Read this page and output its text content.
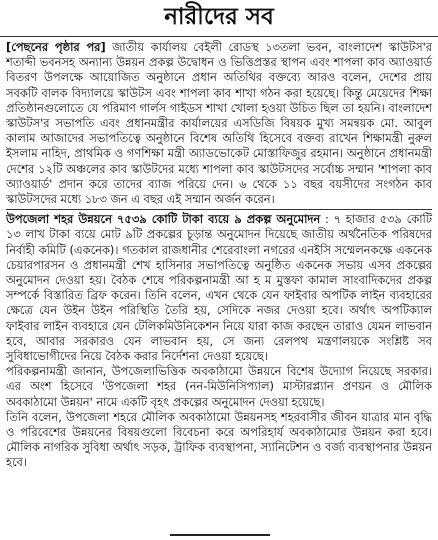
নারীদের সব

[পেছনের পৃষ্ঠার পর] জাতীয় কার্যালয় বেইলী রোডস্থ ১৩তলা ভবন, বাংলাদেশ স্কাউটস'র শতাব্দী ভবনসহ অন্যান্য উন্নয়ন প্রকল্প উদ্বোধন ও ভিত্তিপ্রস্তর স্থাপন এবং শাপলা কাব অ্যাওয়ার্ড বিতরণ উপলক্ষে আয়োজিত অনুষ্ঠানে প্রধান অতিথির বক্তব্যে আরও বলেন, দেশের প্রায় সবকটি বালক বিদ্যালয়ে স্কাউটস এবং শাপলা কাব শাখা গঠন করা হয়েছে। কিন্তু মেয়েদের শিক্ষা প্রতিষ্ঠানগুলোতে যে পরিমাণ গার্লস গাইডস শাখা খোলা হওয়া উচিত ছিল তা হয়নি। বাংলাদেশ স্কাউটস'র সভাপতি এবং প্রধানমন্ত্রীর কার্যালয়ের এসডিজি বিষয়ক মুখ্য সমন্বয়ক মো. আবুল কালাম আজাদের সভাপতিত্বে অনুষ্ঠানে বিশেষ অতিথি হিসেবে বক্তব্য রাখেন শিক্ষামন্ত্রী নুরুল ইসলাম নাহিদ, প্রাথমিক ও গণশিক্ষা মন্ত্রী অ্যাডভোকেট মোস্তাফিজুর রহমান। অনুষ্ঠানে প্রধানমন্ত্রী দেশের ১২টি অঞ্চলের কাব স্কাউটদের মধ্যে শাপলা কাব স্কাউটসদের সর্বোচ্চ সম্মান 'শাপলা কাব অ্যাওয়ার্ড' প্রদান করে তাদের ব্যাজ পরিয়ে দেন। ৬ থেকে ১১ বছর বয়সীদের সংগঠন কাব স্কাউটসদের মধ্যে ১৮৩ জন এ বছর এই সম্মান অর্জন করেন।

উপজেলা শহর উন্নয়নে ৭৫৩৯ কোটি টাকা ব্যয়ে ৯ প্রকল্প অনুমোদন : ৭ হাজার ৫৩৯ কোটি ১৩ লাখ টাকা ব্যয়ে মোট ৯টি প্রকল্পের চূড়ান্ত অনুমোদন দিয়েছে জাতীয় অর্থনৈতিক পরিষদের নির্বাহী কমিটি (একনেক)। গতকাল রাজধানীর শেরেবাংলা নগরের এনইসি সম্মেলনকক্ষে একনেক চেয়ারপারসন ও প্রধানমন্ত্রী শেখ হাসিনার সভাপতিত্বে অনুষ্ঠিত একনেক সভায় এসব প্রকল্পের অনুমোদন দেওয়া হয়। বৈঠক শেষে পরিকল্পনামন্ত্রী আ হ ম মুস্তফা কামাল সাংবাদিকদের প্রকল্প সম্পর্কে বিস্তারিত ব্রিফ করেন। তিনি বলেন, এখন থেকে যেন ফাইবার অপটিক লাইন ব্যবহারের ক্ষেত্রে যেন উইন উইন পরিস্থিতি তৈরি হয়, সেদিকে নজর দেওয়া হবে। অর্থাৎ অপটিক্যাল ফাইবার লাইন ব্যবহারে যেন টেলিকমিউনিকেশন নিয়ে যারা কাজ করছেন তারাও যেমন লাভবান হবে, আবার সরকারও যেন লাভবান হয়, সে জন্য রেলপথ মন্ত্রণালয়কে সংশ্লিষ্ট সব সুবিধাভোগীদের নিয়ে বৈঠক করার নির্দেশনা দেওয়া হয়েছে।

পরিকল্পনামন্ত্রী জানান, উপজেলাভিত্তিক অবকাঠামো উন্নয়নে বিশেষ উদ্যোগ নিয়েছে সরকার। এর অংশ হিসেবে 'উপজেলা শহর (নন-মিউনিসিপ্যাল) মাস্টারপ্ল্যান প্রণয়ন ও মৌলিক অবকাঠামো উন্নয়ন' নামে একটি বৃহৎ প্রকল্পের অনুমোদন দেওয়া হয়েছে।

তিনি বলেন, উপজেলা শহরে মৌলিক অবকাঠামো উন্নয়নসহ শহরবাসীর জীবন যাত্রার মান বৃদ্ধি ও পরিবেশের উন্নয়নের বিষয়গুলো বিবেচনা করে অপরিহার্য অবকাঠামোর উন্নয়ন করা হবে। মৌলিক নাগরিক সুবিধা অর্থাৎ সড়ক, ট্রাফিক ব্যবস্থাপনা, স্যানিটেশন ও বর্জ্য ব্যবস্থাপনার উন্নয়ন হবে।
